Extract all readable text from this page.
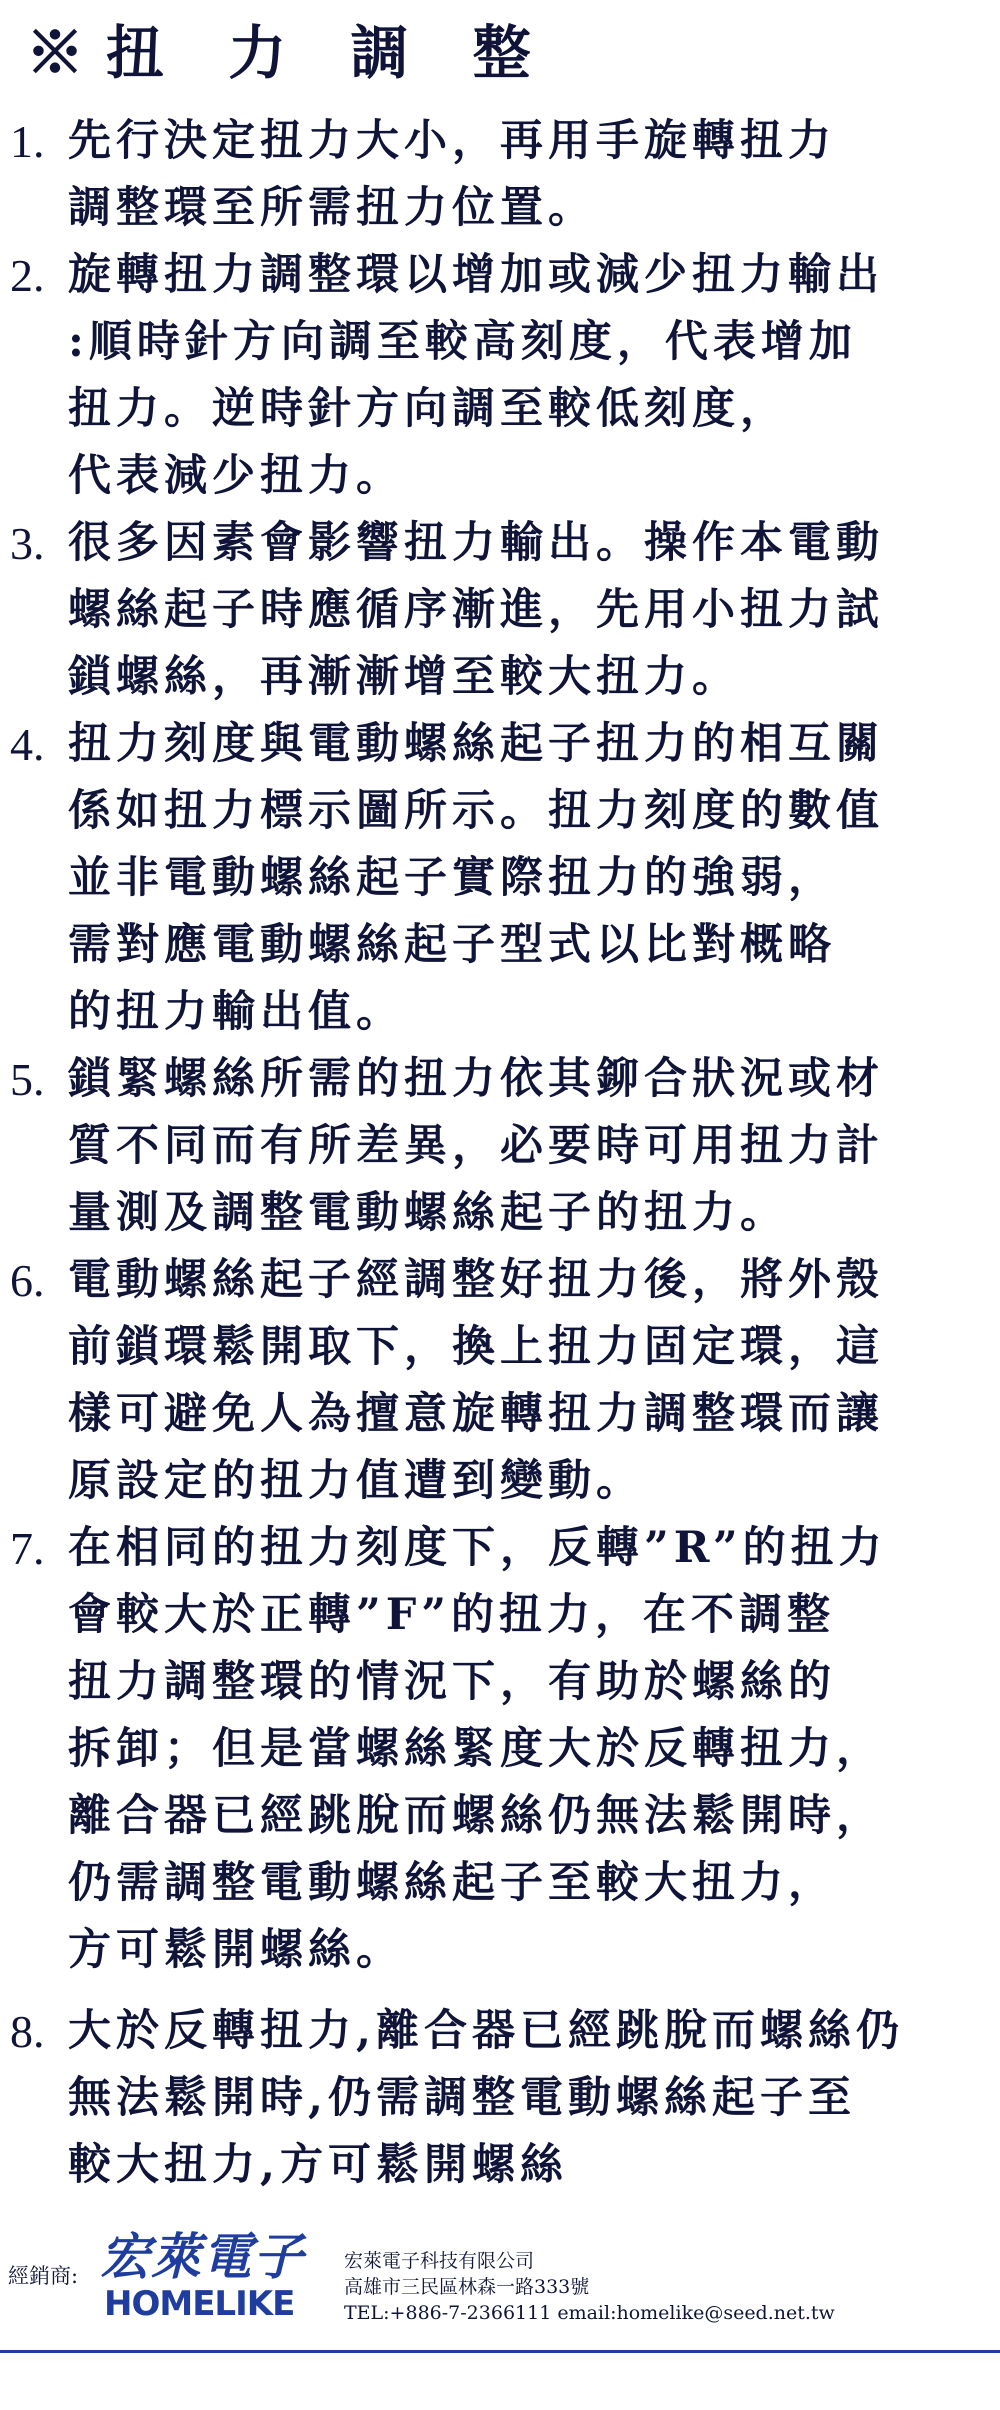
※扭 力 調 整
1. 先行決定扭力大小，再用手旋轉扭力
調整環至所需扭力位置。
2. 旋轉扭力調整環以增加或減少扭力輸出
:順時針方向調至較高刻度，代表增加
扭力。逆時針方向調至較低刻度，
代表減少扭力。
3. 很多因素會影響扭力輸出。操作本電動
螺絲起子時應循序漸進，先用小扭力試
鎖螺絲，再漸漸增至較大扭力。
4. 扭力刻度與電動螺絲起子扭力的相互關
係如扭力標示圖所示。扭力刻度的數值
並非電動螺絲起子實際扭力的強弱，
需對應電動螺絲起子型式以比對概略
的扭力輸出值。
5. 鎖緊螺絲所需的扭力依其鉚合狀況或材
質不同而有所差異，必要時可用扭力計
量測及調整電動螺絲起子的扭力。
6. 電動螺絲起子經調整好扭力後，將外殼
前鎖環鬆開取下，換上扭力固定環，這
樣可避免人為擅意旋轉扭力調整環而讓
原設定的扭力值遭到變動。
7. 在相同的扭力刻度下，反轉”R”的扭力
會較大於正轉”F”的扭力，在不調整
扭力調整環的情況下，有助於螺絲的
拆卸；但是當螺絲緊度大於反轉扭力，
離合器已經跳脫而螺絲仍無法鬆開時，
仍需調整電動螺絲起子至較大扭力，
方可鬆開螺絲。
8. 大於反轉扭力,離合器已經跳脫而螺絲仍
無法鬆開時,仍需調整電動螺絲起子至
較大扭力,方可鬆開螺絲
經銷商: 宏萊電子
HOMELIKE
宏萊電子科技有限公司
高雄市三民區林森一路333號
TEL:+886-7-2366111 email:homelike@seed.net.tw
